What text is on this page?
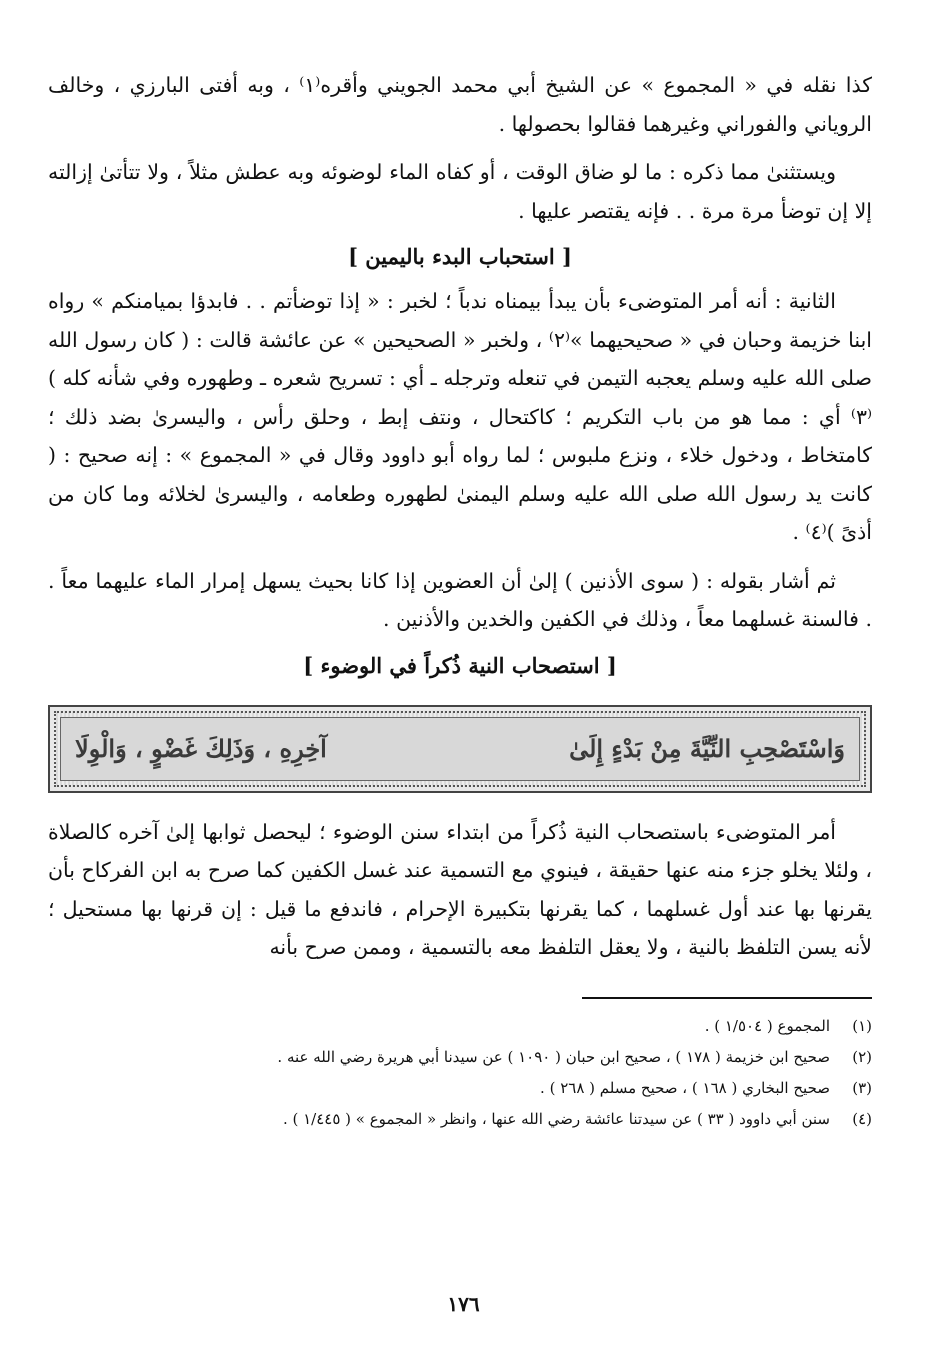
كذا نقله في « المجموع » عن الشيخ أبي محمد الجويني وأقره⁽١⁾ ، وبه أفتى البارزي ، وخالف الروياني والفوراني وغيرهما فقالوا بحصولها .

ويستثنىٰ مما ذكره : ما لو ضاق الوقت ، أو كفاه الماء لوضوئه وبه عطش مثلاً ، ولا تتأتىٰ إزالته إلا إن توضأ مرة مرة . . فإنه يقتصر عليها .

[ استحباب البدء باليمين ]

الثانية : أنه أمر المتوضىء بأن يبدأ بيمناه ندباً ؛ لخبر : « إذا توضأتم . . فابدؤا بميامنكم » رواه ابنا خزيمة وحبان في « صحيحيهما »⁽٢⁾ ، ولخبر « الصحيحين » عن عائشة قالت : ( كان رسول الله صلى الله عليه وسلم يعجبه التيمن في تنعله وترجله ـ أي : تسريح شعره ـ وطهوره وفي شأنه كله )⁽٣⁾ أي : مما هو من باب التكريم ؛ كاكتحال ، ونتف إبط ، وحلق رأس ، واليسرىٰ بضد ذلك ؛ كامتخاط ، ودخول خلاء ، ونزع ملبوس ؛ لما رواه أبو داوود وقال في « المجموع » : إنه صحيح : ( كانت يد رسول الله صلى الله عليه وسلم اليمنىٰ لطهوره وطعامه ، واليسرىٰ لخلائه وما كان من أذىً )⁽٤⁾ .

ثم أشار بقوله : ( سوى الأذنين ) إلىٰ أن العضوين إذا كانا بحيث يسهل إمرار الماء عليهما معاً . . فالسنة غسلهما معاً ، وذلك في الكفين والخدين والأذنين .

[ استصحاب النية ذُكراً في الوضوء ]
وَاسْتَصْحِبِ النِّيَّةَ مِنْ بَدْءٍ إِلَىٰ
آخِرِهِ ، وَذَلِكَ غَضْوٍ ، وَالْوِلَا

أمر المتوضىء باستصحاب النية ذُكراً من ابتداء سنن الوضوء ؛ ليحصل ثوابها إلىٰ آخره كالصلاة ، ولئلا يخلو جزء منه عنها حقيقة ، فينوي مع التسمية عند غسل الكفين كما صرح به ابن الفركاح بأن يقرنها بها عند أول غسلهما ، كما يقرنها بتكبيرة الإحرام ، فاندفع ما قيل : إن قرنها بها مستحيل ؛ لأنه يسن التلفظ بالنية ، ولا يعقل التلفظ معه بالتسمية ، وممن صرح بأنه

(١)
المجموع ( ١/٥٠٤ ) .
(٢)
صحيح ابن خزيمة ( ١٧٨ ) ، صحيح ابن حبان ( ١٠٩٠ ) عن سيدنا أبي هريرة رضي الله عنه .
(٣)
صحيح البخاري ( ١٦٨ ) ، صحيح مسلم ( ٢٦٨ ) .
(٤)
سنن أبي داوود ( ٣٣ ) عن سيدتنا عائشة رضي الله عنها ، وانظر « المجموع » ( ١/٤٤٥ ) .
١٧٦
